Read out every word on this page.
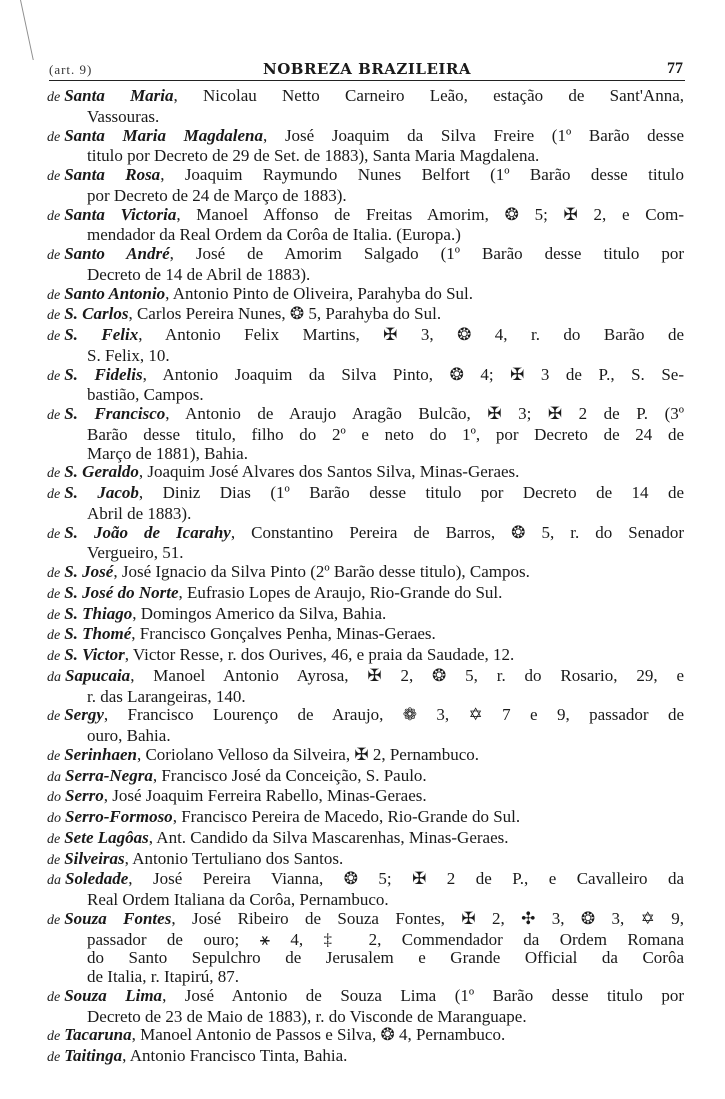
(art. 9)	NOBREZA BRAZILEIRA	77
de Santa Maria, Nicolau Netto Carneiro Leão, estação de Sant'Anna,
Vassouras.
de Santa Maria Magdalena, José Joaquim da Silva Freire (1º Barão desse
titulo por Decreto de 29 de Set. de 1883), Santa Maria Magdalena.
de Santa Rosa, Joaquim Raymundo Nunes Belfort (1º Barão desse titulo
por Decreto de 24 de Março de 1883).
de Santa Victoria, Manoel Affonso de Freitas Amorim, ❂ 5; ✠ 2, e Com-
mendador da Real Ordem da Corôa de Italia. (Europa.)
de Santo André, José de Amorim Salgado (1º Barão desse titulo por
Decreto de 14 de Abril de 1883).
de Santo Antonio, Antonio Pinto de Oliveira, Parahyba do Sul.
de S. Carlos, Carlos Pereira Nunes, ❂ 5, Parahyba do Sul.
de S. Felix, Antonio Felix Martins, ✠ 3, ❂ 4, r. do Barão de
S. Felix, 10.
de S. Fidelis, Antonio Joaquim da Silva Pinto, ❂ 4; ✠ 3 de P., S. Se-
bastião, Campos.
de S. Francisco, Antonio de Araujo Aragão Bulcão, ✠ 3; ✠ 2 de P. (3º
Barão desse titulo, filho do 2º e neto do 1º, por Decreto de 24 de
Março de 1881), Bahia.
de S. Geraldo, Joaquim José Alvares dos Santos Silva, Minas-Geraes.
de S. Jacob, Diniz Dias (1º Barão desse titulo por Decreto de 14 de
Abril de 1883).
de S. João de Icarahy, Constantino Pereira de Barros, ❂ 5, r. do Senador
Vergueiro, 51.
de S. José, José Ignacio da Silva Pinto (2º Barão desse titulo), Campos.
de S. José do Norte, Eufrasio Lopes de Araujo, Rio-Grande do Sul.
de S. Thiago, Domingos Americo da Silva, Bahia.
de S. Thomé, Francisco Gonçalves Penha, Minas-Geraes.
de S. Victor, Victor Resse, r. dos Ourives, 46, e praia da Saudade, 12.
da Sapucaia, Manoel Antonio Ayrosa, ✠ 2, ❂ 5, r. do Rosario, 29, e
r. das Larangeiras, 140.
de Sergy, Francisco Lourenço de Araujo, ❁ 3, ✡ 7 e 9, passador de
ouro, Bahia.
de Serinhaen, Coriolano Velloso da Silveira, ✠ 2, Pernambuco.
da Serra-Negra, Francisco José da Conceição, S. Paulo.
do Serro, José Joaquim Ferreira Rabello, Minas-Geraes.
do Serro-Formoso, Francisco Pereira de Macedo, Rio-Grande do Sul.
de Sete Lagôas, Ant. Candido da Silva Mascarenhas, Minas-Geraes.
de Silveiras, Antonio Tertuliano dos Santos.
da Soledade, José Pereira Vianna, ❂ 5; ✠ 2 de P., e Cavalleiro da
Real Ordem Italiana da Corôa, Pernambuco.
de Souza Fontes, José Ribeiro de Souza Fontes, ✠ 2, ✣ 3, ❂ 3, ✡ 9,
passador de ouro; ⚹ 4, ‡ 2, Commendador da Ordem Romana
do Santo Sepulchro de Jerusalem e Grande Official da Corôa
de Italia, r. Itapirú, 87.
de Souza Lima, José Antonio de Souza Lima (1º Barão desse titulo por
Decreto de 23 de Maio de 1883), r. do Visconde de Maranguape.
de Tacaruna, Manoel Antonio de Passos e Silva, ❂ 4, Pernambuco.
de Taitinga, Antonio Francisco Tinta, Bahia.
